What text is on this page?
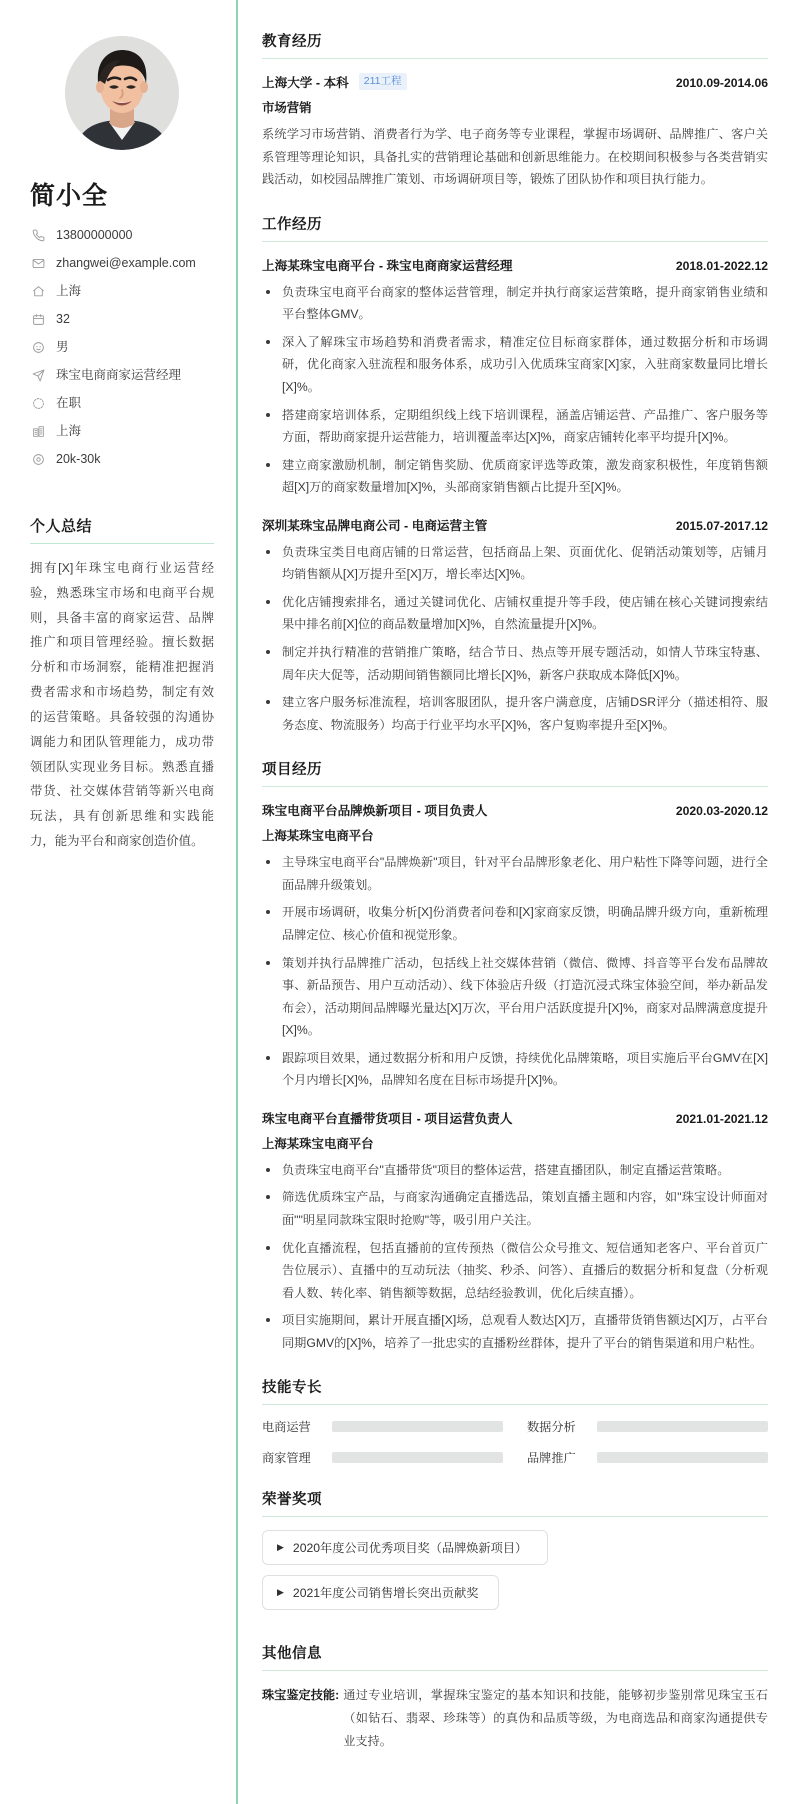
简小全
13800000000
zhangwei@example.com
上海
32
男
珠宝电商商家运营经理
在职
上海
20k-30k
个人总结
拥有[X]年珠宝电商行业运营经验，熟悉珠宝市场和电商平台规则，具备丰富的商家运营、品牌推广和项目管理经验。擅长数据分析和市场洞察，能精准把握消费者需求和市场趋势，制定有效的运营策略。具备较强的沟通协调能力和团队管理能力，成功带领团队实现业务目标。熟悉直播带货、社交媒体营销等新兴电商玩法，具有创新思维和实践能力，能为平台和商家创造价值。
教育经历
上海大学 - 本科	211工程	2010.09-2014.06
市场营销
系统学习市场营销、消费者行为学、电子商务等专业课程，掌握市场调研、品牌推广、客户关系管理等理论知识，具备扎实的营销理论基础和创新思维能力。在校期间积极参与各类营销实践活动，如校园品牌推广策划、市场调研项目等，锻炼了团队协作和项目执行能力。
工作经历
上海某珠宝电商平台 - 珠宝电商商家运营经理	2018.01-2022.12
负责珠宝电商平台商家的整体运营管理，制定并执行商家运营策略，提升商家销售业绩和平台整体GMV。
深入了解珠宝市场趋势和消费者需求，精准定位目标商家群体，通过数据分析和市场调研，优化商家入驻流程和服务体系，成功引入优质珠宝商家[X]家，入驻商家数量同比增长[X]%。
搭建商家培训体系，定期组织线上线下培训课程，涵盖店铺运营、产品推广、客户服务等方面，帮助商家提升运营能力，培训覆盖率达[X]%，商家店铺转化率平均提升[X]%。
建立商家激励机制，制定销售奖励、优质商家评选等政策，激发商家积极性，年度销售额超[X]万的商家数量增加[X]%，头部商家销售额占比提升至[X]%。
深圳某珠宝品牌电商公司 - 电商运营主管	2015.07-2017.12
负责珠宝类目电商店铺的日常运营，包括商品上架、页面优化、促销活动策划等，店铺月均销售额从[X]万提升至[X]万，增长率达[X]%。
优化店铺搜索排名，通过关键词优化、店铺权重提升等手段，使店铺在核心关键词搜索结果中排名前[X]位的商品数量增加[X]%，自然流量提升[X]%。
制定并执行精准的营销推广策略，结合节日、热点等开展专题活动，如情人节珠宝特惠、周年庆大促等，活动期间销售额同比增长[X]%，新客户获取成本降低[X]%。
建立客户服务标准流程，培训客服团队，提升客户满意度，店铺DSR评分（描述相符、服务态度、物流服务）均高于行业平均水平[X]%，客户复购率提升至[X]%。
项目经历
珠宝电商平台品牌焕新项目 - 项目负责人	2020.03-2020.12
上海某珠宝电商平台
主导珠宝电商平台"品牌焕新"项目，针对平台品牌形象老化、用户粘性下降等问题，进行全面品牌升级策划。
开展市场调研，收集分析[X]份消费者问卷和[X]家商家反馈，明确品牌升级方向，重新梳理品牌定位、核心价值和视觉形象。
策划并执行品牌推广活动，包括线上社交媒体营销（微信、微博、抖音等平台发布品牌故事、新品预告、用户互动活动）、线下体验店升级（打造沉浸式珠宝体验空间，举办新品发布会），活动期间品牌曝光量达[X]万次，平台用户活跃度提升[X]%，商家对品牌满意度提升[X]%。
跟踪项目效果，通过数据分析和用户反馈，持续优化品牌策略，项目实施后平台GMV在[X]个月内增长[X]%，品牌知名度在目标市场提升[X]%。
珠宝电商平台直播带货项目 - 项目运营负责人	2021.01-2021.12
上海某珠宝电商平台
负责珠宝电商平台"直播带货"项目的整体运营，搭建直播团队，制定直播运营策略。
筛选优质珠宝产品，与商家沟通确定直播选品，策划直播主题和内容，如"珠宝设计师面对面""明星同款珠宝限时抢购"等，吸引用户关注。
优化直播流程，包括直播前的宣传预热（微信公众号推文、短信通知老客户、平台首页广告位展示）、直播中的互动玩法（抽奖、秒杀、问答）、直播后的数据分析和复盘（分析观看人数、转化率、销售额等数据，总结经验教训，优化后续直播）。
项目实施期间，累计开展直播[X]场，总观看人数达[X]万，直播带货销售额达[X]万，占平台同期GMV的[X]%，培养了一批忠实的直播粉丝群体，提升了平台的销售渠道和用户粘性。
技能专长
电商运营	数据分析
商家管理	品牌推广
荣誉奖项
▶ 2020年度公司优秀项目奖（品牌焕新项目）
▶ 2021年度公司销售增长突出贡献奖
其他信息
珠宝鉴定技能: 通过专业培训，掌握珠宝鉴定的基本知识和技能，能够初步鉴别常见珠宝玉石（如钻石、翡翠、珍珠等）的真伪和品质等级，为电商选品和商家沟通提供专业支持。
